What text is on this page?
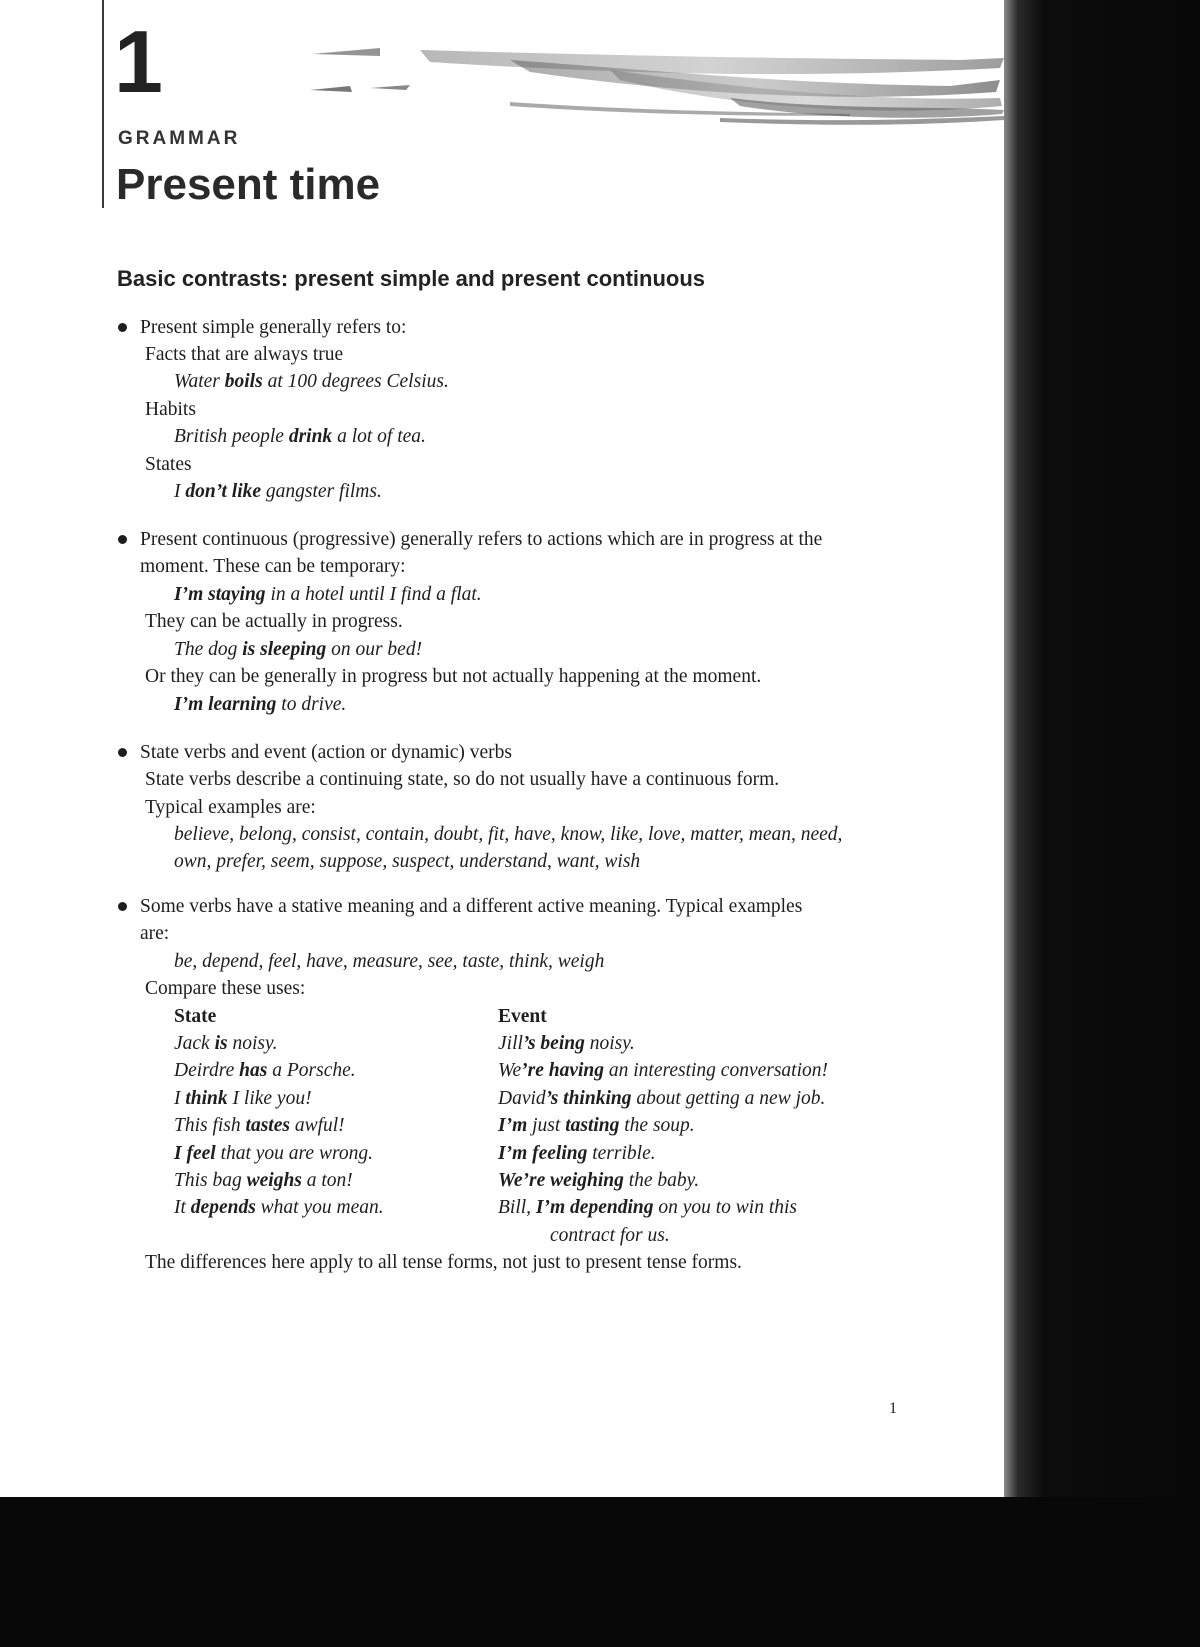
1
GRAMMAR
Present time
Basic contrasts: present simple and present continuous
Present simple generally refers to:
Facts that are always true
Water boils at 100 degrees Celsius.
Habits
British people drink a lot of tea.
States
I don’t like gangster films.
Present continuous (progressive) generally refers to actions which are in progress at the
moment. These can be temporary:
I’m staying in a hotel until I find a flat.
They can be actually in progress.
The dog is sleeping on our bed!
Or they can be generally in progress but not actually happening at the moment.
I’m learning to drive.
State verbs and event (action or dynamic) verbs
State verbs describe a continuing state, so do not usually have a continuous form.
Typical examples are:
believe, belong, consist, contain, doubt, fit, have, know, like, love, matter, mean, need,
own, prefer, seem, suppose, suspect, understand, want, wish
Some verbs have a stative meaning and a different active meaning. Typical examples
are:
be, depend, feel, have, measure, see, taste, think, weigh
Compare these uses:
State	Event
Jack is noisy.	Jill’s being noisy.
Deirdre has a Porsche.	We’re having an interesting conversation!
I think I like you!	David’s thinking about getting a new job.
This fish tastes awful!	I’m just tasting the soup.
I feel that you are wrong.	I’m feeling terrible.
This bag weighs a ton!	We’re weighing the baby.
It depends what you mean.	Bill, I’m depending on you to win this
contract for us.
The differences here apply to all tense forms, not just to present tense forms.
1
